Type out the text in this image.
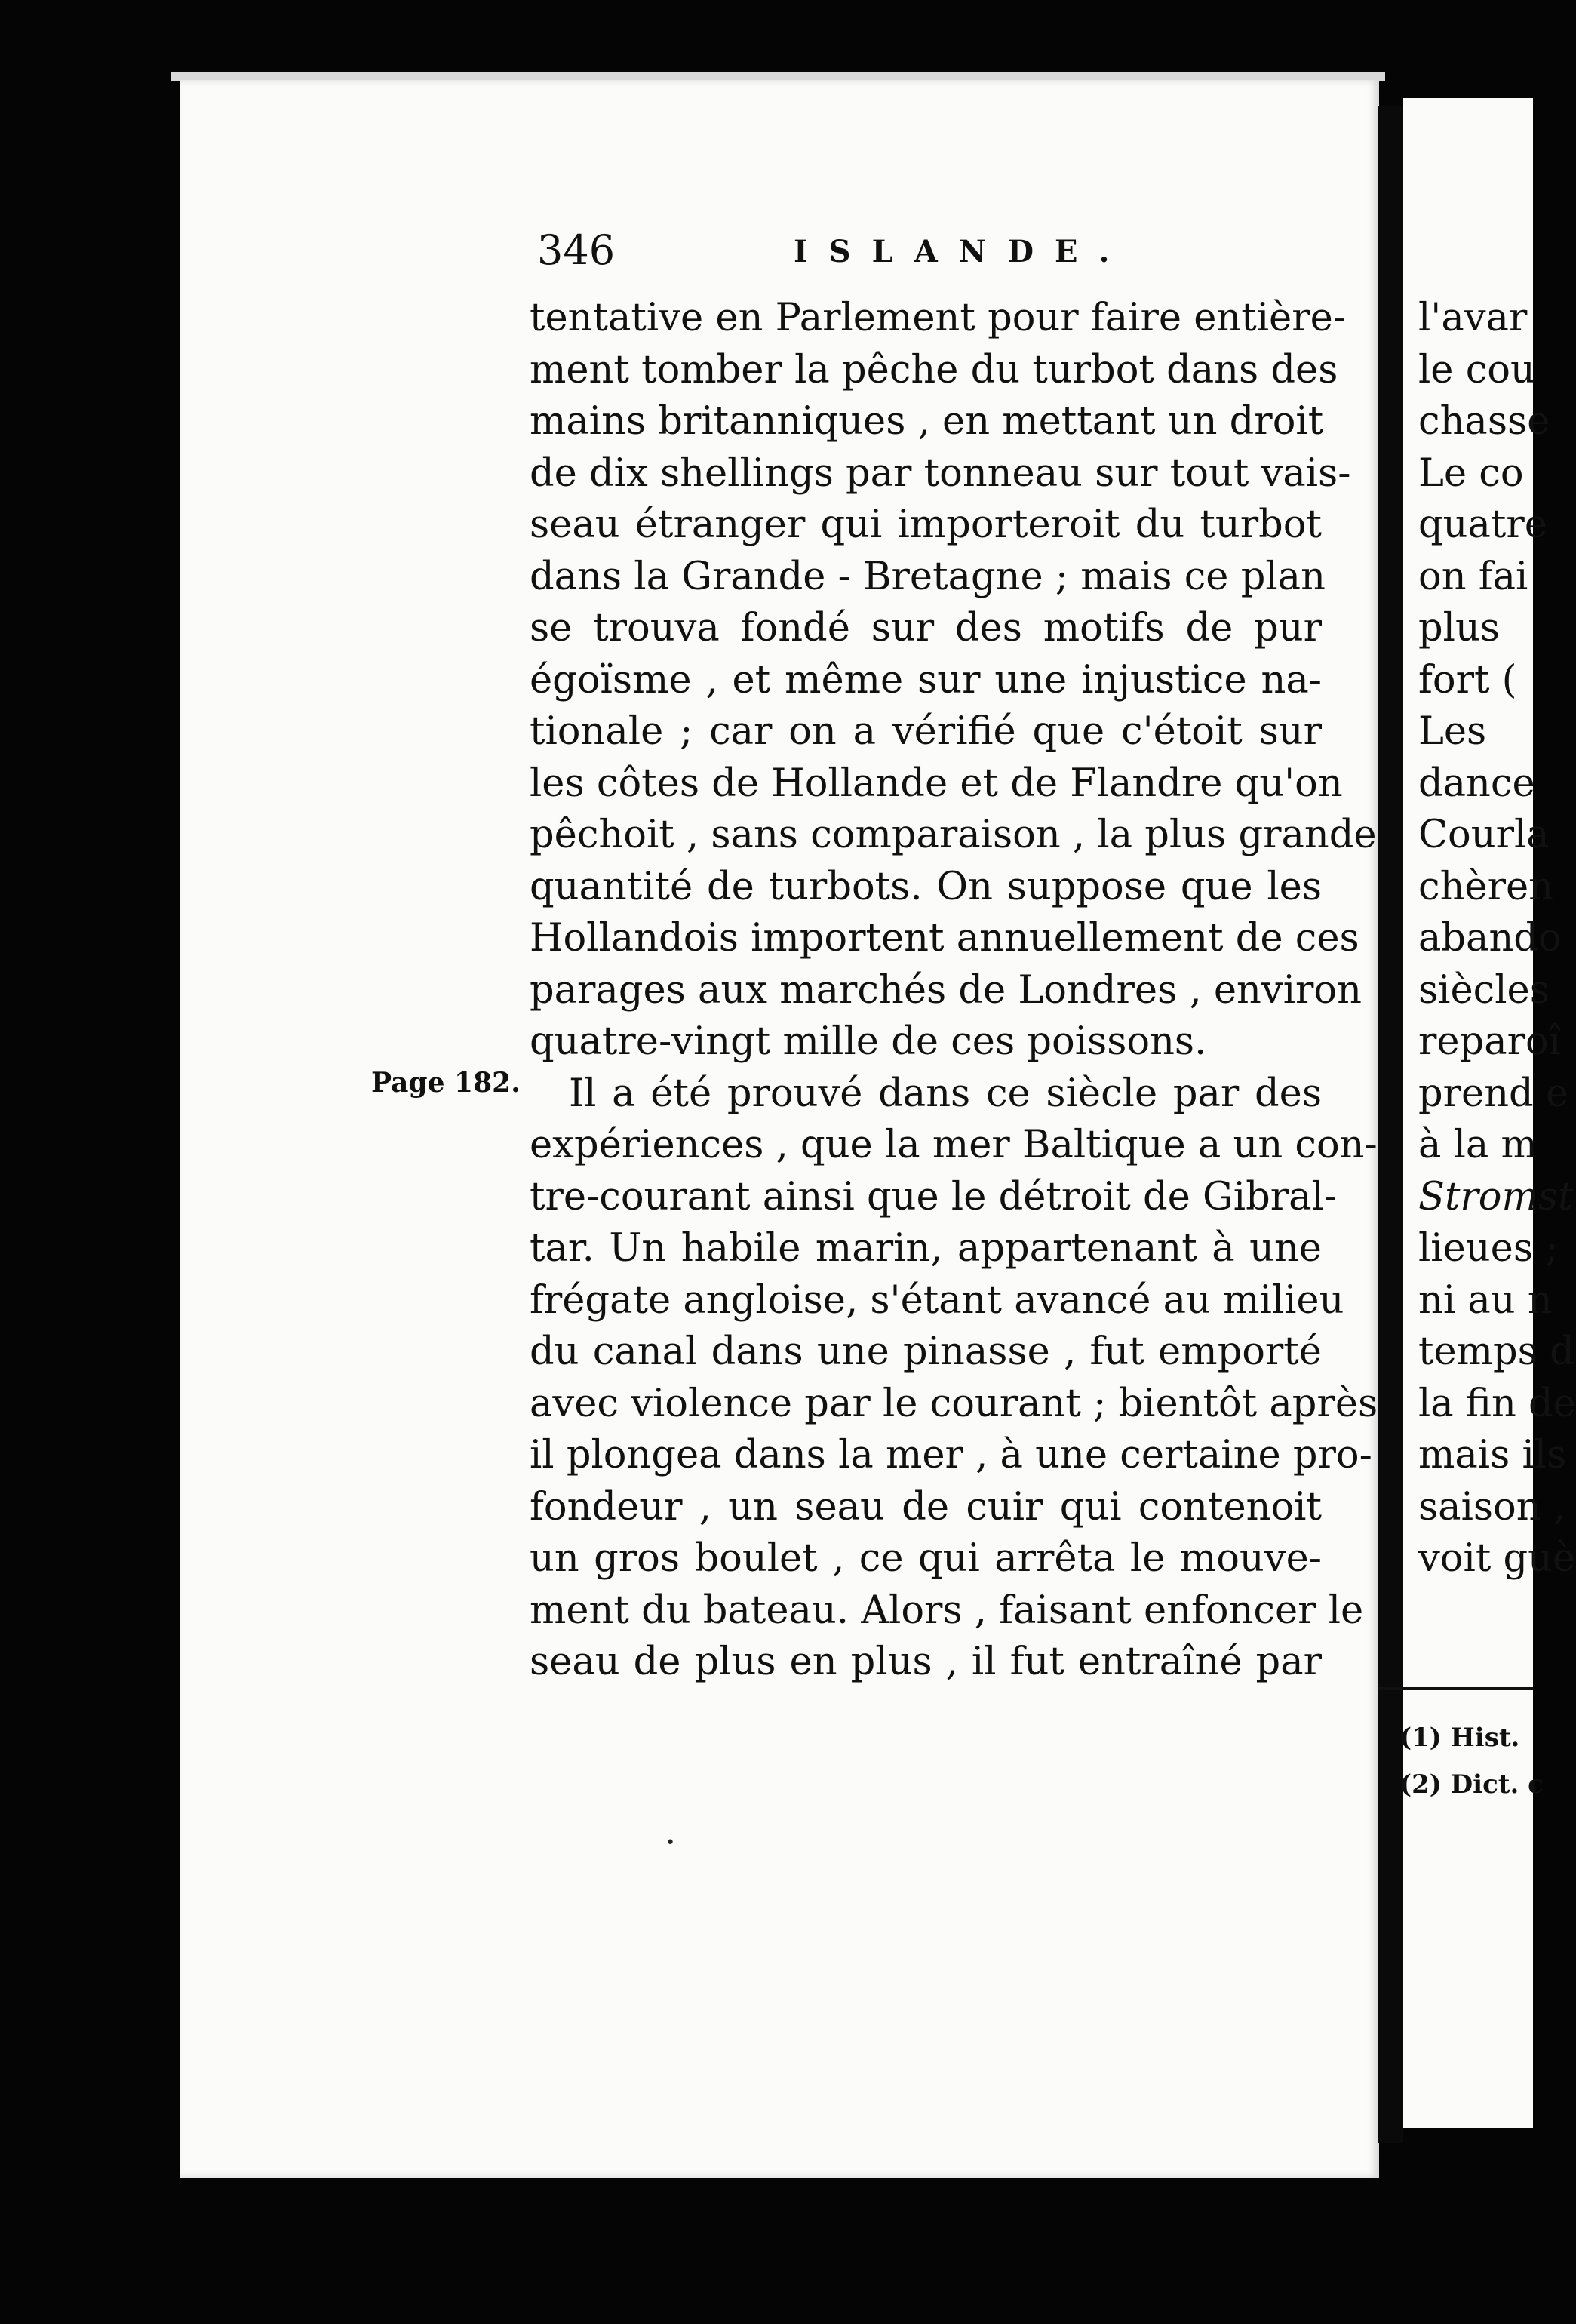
346	ISLANDE.
Page 182.
tentative en Parlement pour faire entière-
ment tomber la pêche du turbot dans des
mains britanniques , en mettant un droit
de dix shellings par tonneau sur tout vais-
seau étranger qui importeroit du turbot
dans la Grande - Bretagne ; mais ce plan
se trouva fondé sur des motifs de pur
égoïsme , et même sur une injustice na-
tionale ; car on a vérifié que c'étoit sur
les côtes de Hollande et de Flandre qu'on
pêchoit , sans comparaison , la plus grande
quantité de turbots. On suppose que les
Hollandois importent annuellement de ces
parages aux marchés de Londres , environ
quatre-vingt mille de ces poissons.
Il a été prouvé dans ce siècle par des
expériences , que la mer Baltique a un con-
tre-courant ainsi que le détroit de Gibral-
tar. Un habile marin, appartenant à une
frégate angloise, s'étant avancé au milieu
du canal dans une pinasse , fut emporté
avec violence par le courant ; bientôt après
il plongea dans la mer , à une certaine pro-
fondeur , un seau de cuir qui contenoit
un gros boulet , ce qui arrêta le mouve-
ment du bateau. Alors , faisant enfoncer le
seau de plus en plus , il fut entraîné par
l'avar
le cou
chasse
Le co
quatre
on fai
plus
fort (
Les
dance
Courla
chèren
abando
siècles
reparoî
prend e
à la m
Stromst
lieues ;
ni au n
temps d
la fin de
mais ils
saison ,
voit guè
(1) Hist.
(2) Dict. c
•
